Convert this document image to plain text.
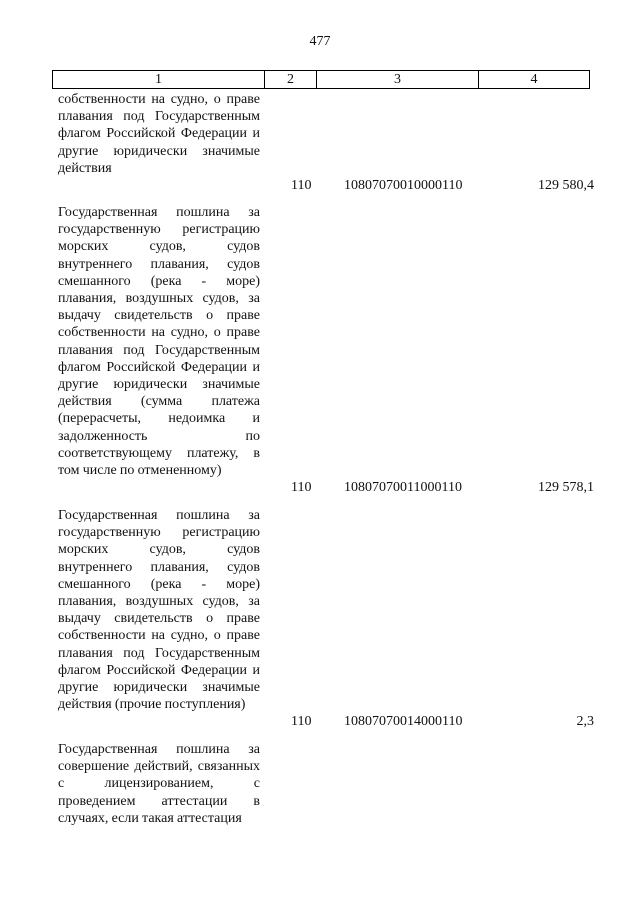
477
1	2	3	4
собственности на судно, о праве плавания под Государственным флагом Российской Федерации и другие юридически значимые действия
110 10807070010000110	129 580,4
Государственная пошлина за государственную регистрацию морских судов, судов внутреннего плавания, судов смешанного (река - море) плавания, воздушных судов, за выдачу свидетельств о праве собственности на судно, о праве плавания под Государственным флагом Российской Федерации и другие юридически значимые действия (сумма платежа (перерасчеты, недоимка и задолженность по соответствующему платежу, в том числе по отмененному)
110 10807070011000110	129 578,1
Государственная пошлина за государственную регистрацию морских судов, судов внутреннего плавания, судов смешанного (река - море) плавания, воздушных судов, за выдачу свидетельств о праве собственности на судно, о праве плавания под Государственным флагом Российской Федерации и другие юридически значимые действия (прочие поступления)
110 10807070014000110	2,3
Государственная пошлина за совершение действий, связанных с лицензированием, с проведением аттестации в случаях, если такая аттестация
